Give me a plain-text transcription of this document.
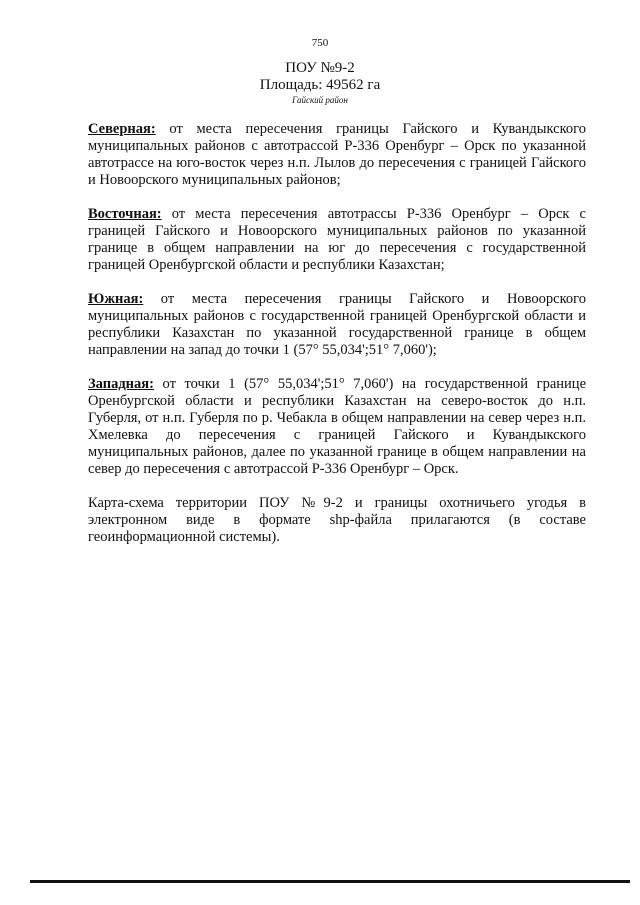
750
ПОУ №9-2
Площадь: 49562 га
Гайский район

Северная: от места пересечения границы Гайского и Кувандыкского муниципальных районов с автотрассой Р-336 Оренбург – Орск по указанной автотрассе на юго-восток через н.п. Лылов до пересечения с границей Гайского и Новоорского муниципальных районов;

Восточная: от места пересечения автотрассы Р-336 Оренбург – Орск с границей Гайского и Новоорского муниципальных районов по указанной границе в общем направлении на юг до пересечения с государственной границей Оренбургской области и республики Казахстан;

Южная: от места пересечения границы Гайского и Новоорского муниципальных районов с государственной границей Оренбургской области и республики Казахстан по указанной государственной границе в общем направлении на запад до точки 1 (57° 55,034';51° 7,060');

Западная: от точки 1 (57° 55,034';51° 7,060') на государственной границе Оренбургской области и республики Казахстан на северо-восток до н.п. Губерля, от н.п. Губерля по р. Чебакла в общем направлении на север через н.п. Хмелевка до пересечения с границей Гайского и Кувандыкского муниципальных районов, далее по указанной границе в общем направлении на север до пересечения с автотрассой Р-336 Оренбург – Орск.

Карта-схема территории ПОУ №9-2 и границы охотничьего угодья в электронном виде в формате shp-файла прилагаются (в составе геоинформационной системы).
